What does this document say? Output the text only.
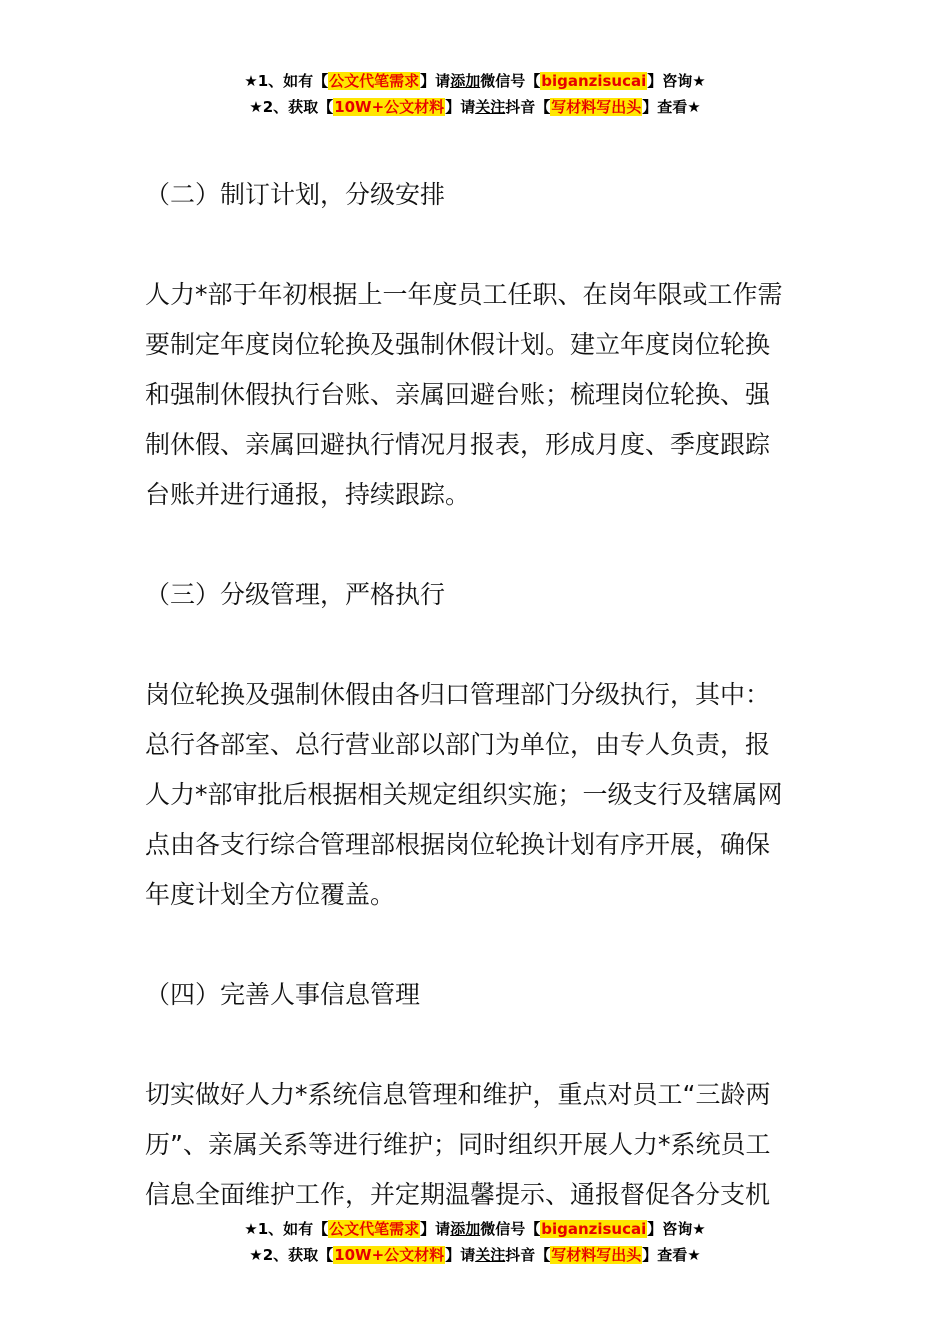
★1、如有【公文代笔需求】请添加微信号【biganzisucai】咨询★
★2、获取【10W+公文材料】请关注抖音【写材料写出头】查看★
（二）制订计划，分级安排
人力*部于年初根据上一年度员工任职、在岗年限或工作需
要制定年度岗位轮换及强制休假计划。建立年度岗位轮换
和强制休假执行台账、亲属回避台账；梳理岗位轮换、强
制休假、亲属回避执行情况月报表，形成月度、季度跟踪
台账并进行通报，持续跟踪。
（三）分级管理，严格执行
岗位轮换及强制休假由各归口管理部门分级执行，其中：
总行各部室、总行营业部以部门为单位，由专人负责，报
人力*部审批后根据相关规定组织实施；一级支行及辖属网
点由各支行综合管理部根据岗位轮换计划有序开展，确保
年度计划全方位覆盖。
（四）完善人事信息管理
切实做好人力*系统信息管理和维护，重点对员工“三龄两
历”、亲属关系等进行维护；同时组织开展人力*系统员工
信息全面维护工作，并定期温馨提示、通报督促各分支机
★1、如有【公文代笔需求】请添加微信号【biganzisucai】咨询★
★2、获取【10W+公文材料】请关注抖音【写材料写出头】查看★
